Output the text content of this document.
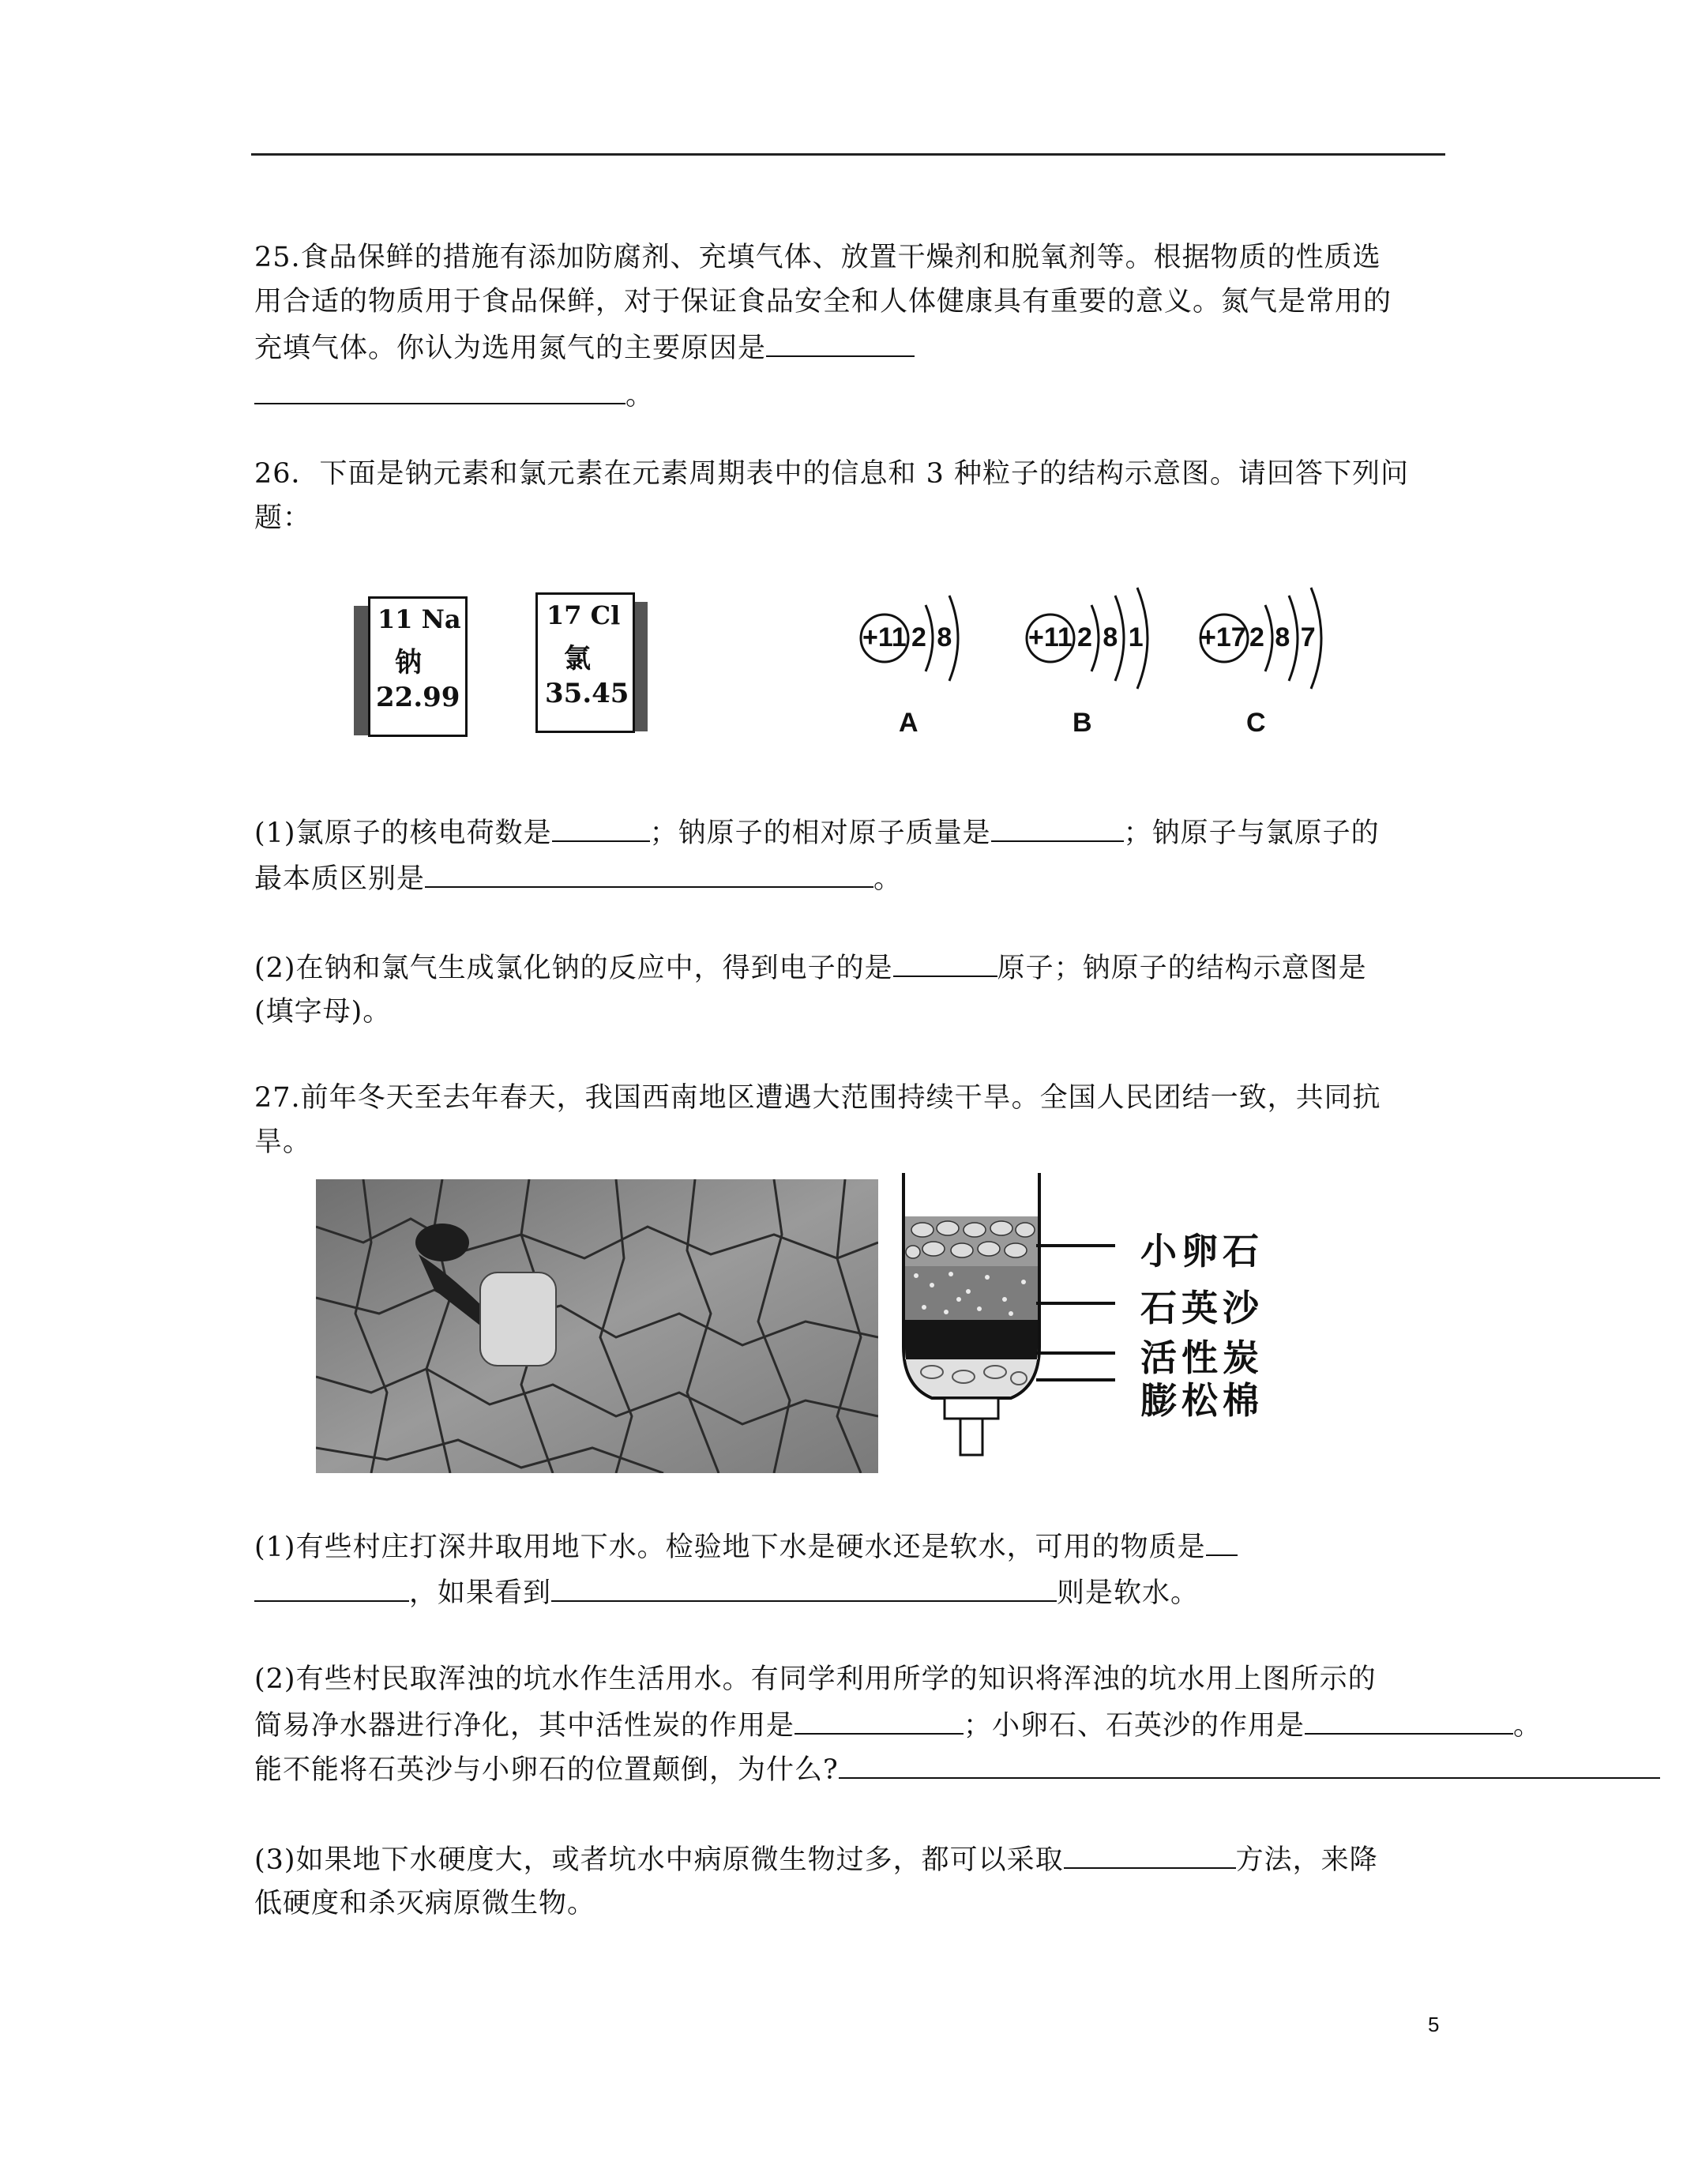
25.食品保鲜的措施有添加防腐剂、充填气体、放置干燥剂和脱氧剂等。根据物质的性质选
用合适的物质用于食品保鲜，对于保证食品安全和人体健康具有重要的意义。氮气是常用的
充填气体。你认为选用氮气的主要原因是
。
26．下面是钠元素和氯元素在元素周期表中的信息和 3 种粒子的结构示意图。请回答下列问
题：
11 Na
钠
22.99
17 Cl
氯
35.45
+11 2 8
A
+11 2 8 1
B
+17 2 8 7
C
(1)氯原子的核电荷数是	；钠原子的相对原子质量是	；钠原子与氯原子的
最本质区别是	。
(2)在钠和氯气生成氯化钠的反应中，得到电子的是	原子；钠原子的结构示意图是
(填字母)。
27.前年冬天至去年春天，我国西南地区遭遇大范围持续干旱。全国人民团结一致，共同抗
旱。
小卵石
石英沙
活性炭
膨松棉
(1)有些村庄打深井取用地下水。检验地下水是硬水还是软水，可用的物质是
，如果看到	则是软水。
(2)有些村民取浑浊的坑水作生活用水。有同学利用所学的知识将浑浊的坑水用上图所示的
简易净水器进行净化，其中活性炭的作用是	；小卵石、石英沙的作用是	。
能不能将石英沙与小卵石的位置颠倒，为什么?
(3)如果地下水硬度大，或者坑水中病原微生物过多，都可以采取	方法，来降
低硬度和杀灭病原微生物。
5
